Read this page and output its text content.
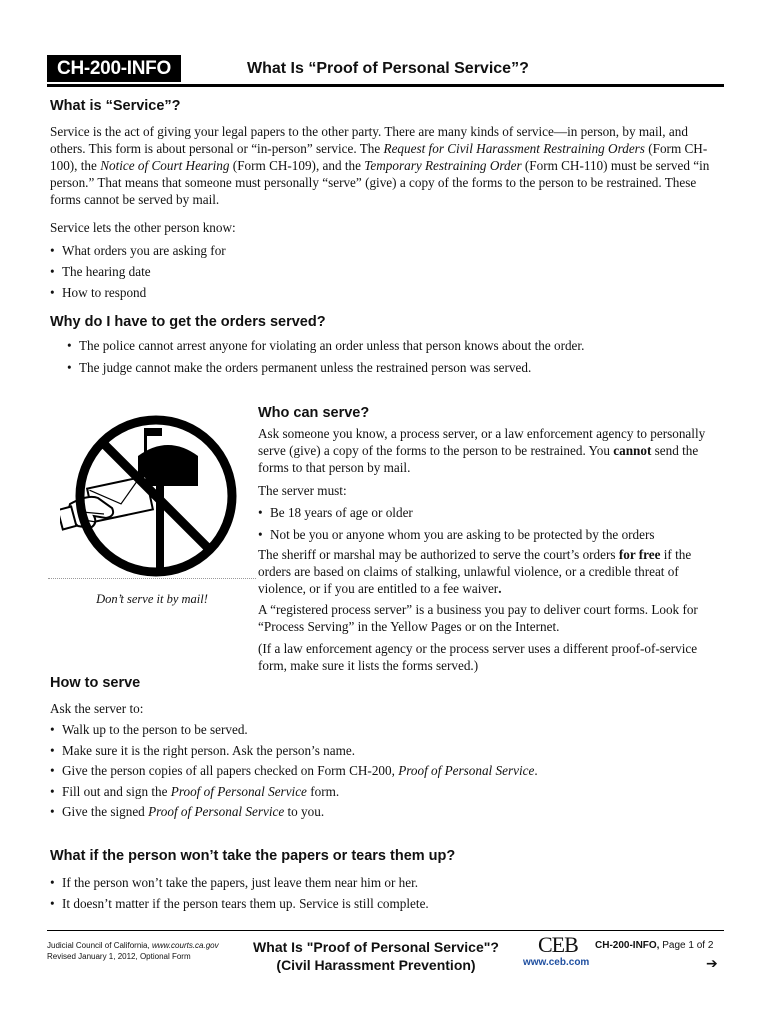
CH-200-INFO	What Is “Proof of Personal Service”?
What is “Service”?

Service is the act of giving your legal papers to the other party. There are many kinds of service—in person, by mail, and others. This form is about personal or “in-person” service. The Request for Civil Harassment Restraining Orders (Form CH-100), the Notice of Court Hearing (Form CH-109), and the Temporary Restraining Order (Form CH-110) must be served “in person.” That means that someone must personally “serve” (give) a copy of the forms to the person to be restrained. These forms cannot be served by mail.

Service lets the other person know:

• What orders you are asking for
• The hearing date
• How to respond
Why do I have to get the orders served?
• The police cannot arrest anyone for violating an order unless that person knows about the order.
• The judge cannot make the orders permanent unless the restrained person was served.
Don’t serve it by mail!
Who can serve?

Ask someone you know, a process server, or a law enforcement agency to personally serve (give) a copy of the forms to the person to be restrained. You cannot send the forms to that person by mail.

The server must:

• Be 18 years of age or older
• Not be you or anyone whom you are asking to be protected by the orders

The sheriff or marshal may be authorized to serve the court’s orders for free if the orders are based on claims of stalking, unlawful violence, or a credible threat of violence, or if you are entitled to a fee waiver.

A “registered process server” is a business you pay to deliver court forms. Look for “Process Serving” in the Yellow Pages or on the Internet.

(If a law enforcement agency or the process server uses a different proof-of-service form, make sure it lists the forms served.)

How to serve

Ask the server to:

• Walk up to the person to be served.
• Make sure it is the right person. Ask the person’s name.
• Give the person copies of all papers checked on Form CH-200, Proof of Personal Service.
• Fill out and sign the Proof of Personal Service form.
• Give the signed Proof of Personal Service to you.
What if the person won’t take the papers or tears them up?
• If the person won’t take the papers, just leave them near him or her.
• It doesn’t matter if the person tears them up. Service is still complete.
Judicial Council of California, www.courts.ca.gov
Revised January 1, 2012, Optional Form
What Is "Proof of Personal Service"?
(Civil Harassment Prevention)
CEB
www.ceb.com
CH-200-INFO, Page 1 of 2
➔
